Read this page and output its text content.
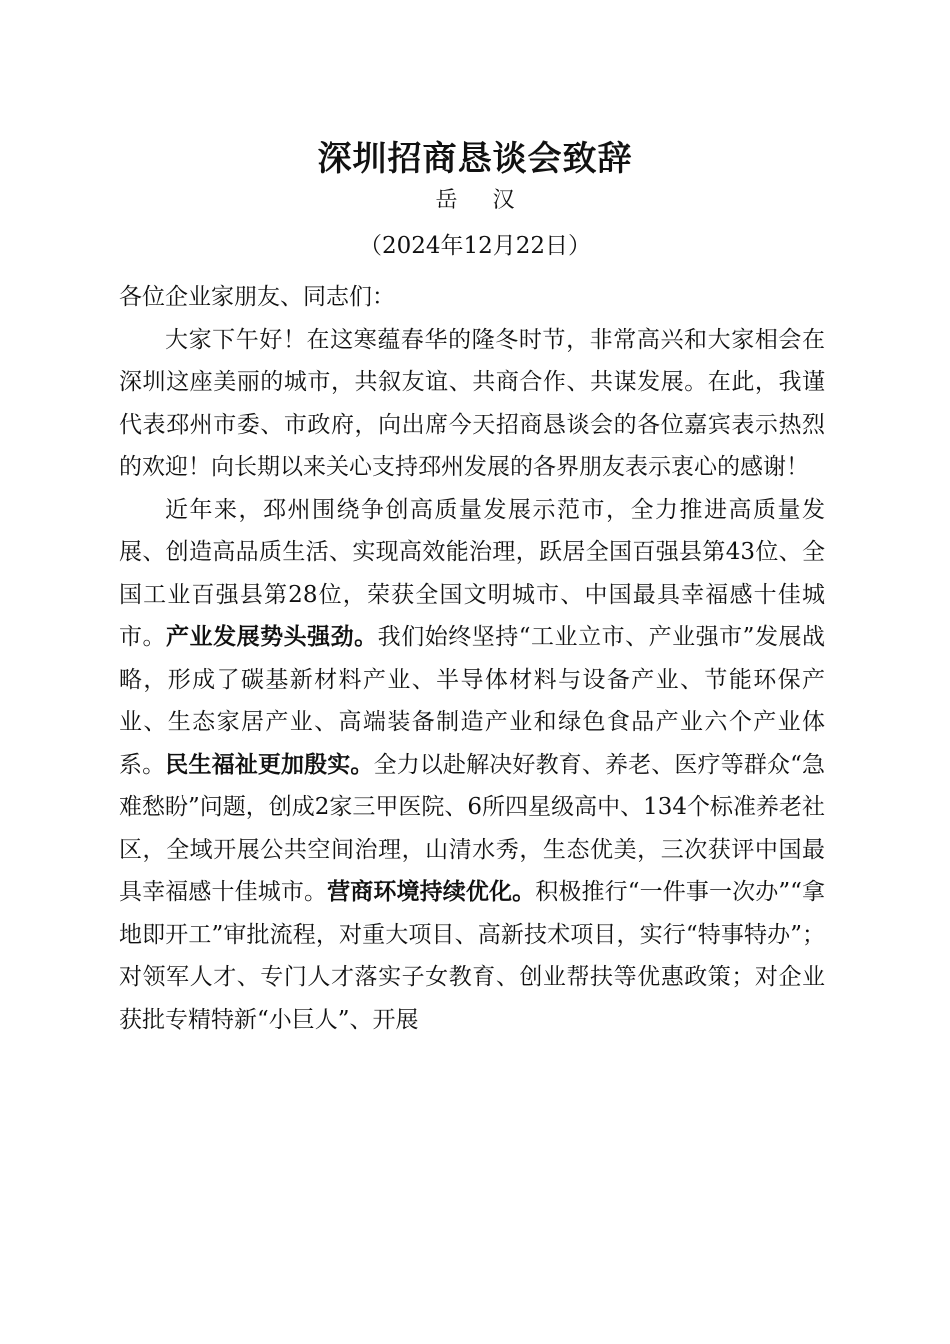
深圳招商恳谈会致辞
岳 汉
（2024年12月22日）

各位企业家朋友、同志们：

大家下午好！在这寒蕴春华的隆冬时节，非常高兴和大家相会在深圳这座美丽的城市，共叙友谊、共商合作、共谋发展。在此，我谨代表邳州市委、市政府，向出席今天招商恳谈会的各位嘉宾表示热烈的欢迎！向长期以来关心支持邳州发展的各界朋友表示衷心的感谢！

近年来，邳州围绕争创高质量发展示范市，全力推进高质量发展、创造高品质生活、实现高效能治理，跃居全国百强县第43位、全国工业百强县第28位，荣获全国文明城市、中国最具幸福感十佳城市。产业发展势头强劲。我们始终坚持“工业立市、产业强市”发展战略，形成了碳基新材料产业、半导体材料与设备产业、节能环保产业、生态家居产业、高端装备制造产业和绿色食品产业六个产业体系。民生福祉更加殷实。全力以赴解决好教育、养老、医疗等群众“急难愁盼”问题，创成2家三甲医院、6所四星级高中、134个标准养老社区，全域开展公共空间治理，山清水秀，生态优美，三次获评中国最具幸福感十佳城市。营商环境持续优化。积极推行“一件事一次办”“拿地即开工”审批流程，对重大项目、高新技术项目，实行“特事特办”；对领军人才、专门人才落实子女教育、创业帮扶等优惠政策；对企业获批专精特新“小巨人”、开展
